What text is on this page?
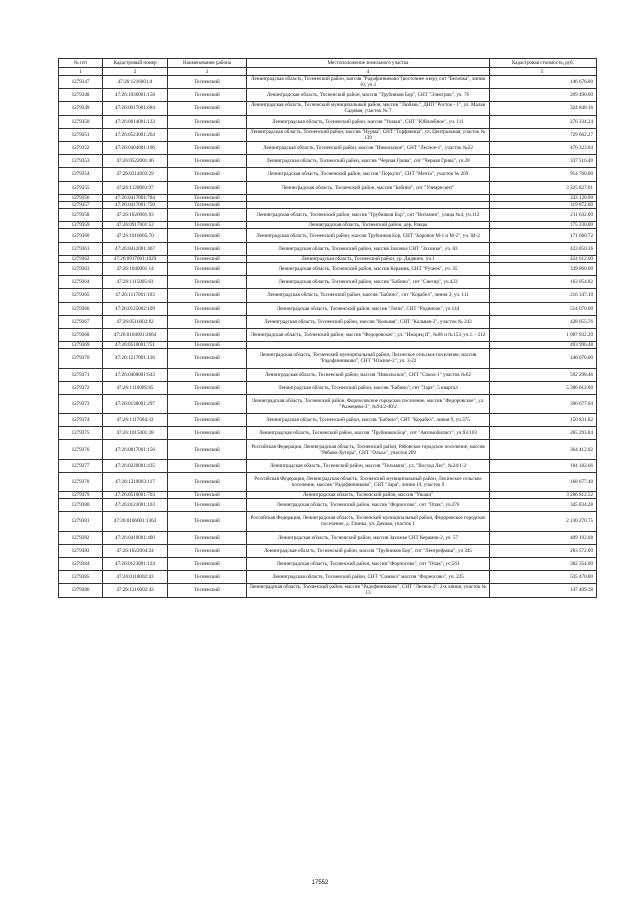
№ п/п	Кадастровый номер	Наименование района	Местоположение земельного участка	Кадастровая стоимость, руб.
1	2	3	4	5
1279347	47:26:1216001:4	Тосненский	Ленинградская область, Тосненский район, массив "Радофинниково"(восточнее озер), снт "Белочка", линия 10, уч.1	146 676.00
1279348	47:26:1036001:158	Тосненский	Ленинградская область, Тосненский район, массив "Трубников Бор", СНТ "Электрик", уч. 76	209 490.00
1279349	47:26:0917001:684	Тосненский	Ленинградская область, Тосненский муниципальный район, массив "Любань", ДНП "Росток - 1", ул. Малая Садовая, участок № 7	324 848.16
1279350	47:26:0614001:133	Тосненский	Ленинградская область, Тосненский район, массив "Ушаки", СНТ "Юбилейное", уч. 111	276 334.24
1279351	47:26:0523001:264	Тосненский	Ленинградская область, Тосненский район, массив "Нурма", СНТ "Торфяница", ул. Центральная, участок № 139	729 662.27
1279352	47:26:0404001:196	Тосненский	Ленинградская область, Тосненский район, массив "Никольское", СНТ "Лесное-1", участок №22	476 323.04
1279353	47:26:0522001:46	Тосненский	Ленинградская область, Тосненский район, массив "Черная Грива", снт "Черная Грива", уч.28	337 516.40
1279354	47:26:0214003:29	Тосненский	Ленинградская область, Тосненский район, массив "Поркузи", СНТ "Мечта", участок № 269	914 760.00
1279355	47:26:1120003:97	Тосненский	Ленинградская область, Тосненский район, массив "Бабино", снт "Улемресинт"	3 325 827.01
1279356	47:26:0417001:784	Тосненский		333 120.00
1279357	47:26:0417001:750	Тосненский		319 872.00
1279358	47:26:1026001:93	Тосненский	Ленинградская область, Тосненский район, массив "Трубников Бор", снт "Витамин", улица №4, уч.112	211 632.00
1279359	47:26:0917001:52	Тосненский	Ленинградская область, Тосненский район, дер. Ракцы	175 230.00
1279360	47:26:1016005:70	Тосненский	Ленинградская область, Тосненский район, массив Трубников Бор, СНТ "Боровое М-1 и М-2", уч. 84-2	171 660.72
1279361	47:26:0412001:467	Тосненский	Ленинградская область, Тосненский район, массив Захожье СНТ "Захожье", уч. 83	433 850.36
1279362	47:26:0917001:1029	Тосненский	Ленинградская область, Тосненский район, ур. Дидвино, уч.1	424 012.00
1279363	47:26:1040001:14	Тосненский	Ленинградская область, Тосненский район, массив Керамик, СНТ "Ручеек", уч. 35	339 860.00
1279364	47:26:1115005:83	Тосненский	Ленинградская область, Тосненский район, массив "Бабино", снт "Снегир", уч.433	163 054.82
1279365	47:26:1117001:103	Тосненский	Ленинградская область, Тосненский район, массив "Бабино", снт "Корабел", линия 3, уч. 111	216 347.10
1279366	47:26:0125002:109	Тосненский	Ленинградская область, Тосненский район, массив "Лопи", СНТ "Родничок", уч.144	514 070.00
1279367	47:26:0516002:82	Тосненский	Ленинградская область, Тосненский район, массив "Кольвая", СНТ "Кальвая-2", участок № 243	428 055.76
1279368	47:26:0104001:2664	Тосненский	Ленинградская область, Тосненский район, массив "Федоровское", ул. "Ижорец II", №86 и №153, уч.1. - 212	1 087 932.20
1279369	47:26:0510001:751	Тосненский		493 996.48
1279370	47:26:1217001:136	Тосненский	Ленинградская область, Тосненский муниципальный район, Лисинское сельское поселение, массив "Радофинниково", СНТ "Южное-2", уч. 3-22	146 676.00
1279371	47:26:0408001:643	Тосненский	Ленинградская область, Тосненский район, массив "Никольское", СНТ "Сокол-1" участок №62	592 298.46
1279372	47:26:1110005:85	Тосненский	Ленинградская область, Тосненский район, массив "Бабино", снт "Заря", 5 квартал	5 386 612.00
1279373	47:26:0138001:297	Тосненский	Ленинградская область, Тосненский район, Форносовское городское поселение, массив "Федоровское", ул. "Рыжецево-3", №94/2-40/2	396 677.64
1279374	47:26:1117004:33	Тосненский	Ленинградская область, Тосненский район, массив "Бабино", СНТ "Корабел", линия 9, уч.375	150 831.82
1279375	47:26:1015001:28	Тосненский	Ленинградская область, Тосненский район, массив "Трубников Бор", снт "Автомобилист", уч.93/103	265 293.84
1279376	47:26:0817001:156	Тосненский	Российская Федерация, Ленинградская область, Тосненский район, Рябовское городское поселение, массив "Рябово-Хутора", СНТ "Ольха", участок 289	364 412.02
1279377	47:26:0220001:435	Тосненский	Ленинградская область, Тосненский район, массив "Тельмана", ул. "Восход Лес", №24/1-2	184 182.66
1279378	47:26:1219003:117	Тосненский	Российская Федерация, Ленинградская область, Тосненский муниципальный район, Лисинское сельское поселение, массив "Радофинниково", СНТ "Заря", линия 19, участок 9	168 677.40
1279379	47:26:0510001:703	Тосненский	Ленинградская область, Тосненский район, массив "Ушаки"	3 286 812.52
1279380	47:26:0123001:103	Тосненский	Ленинградская область, Тосненский район, массив "Форносово", снт "Опак", уч.276	345 834.28
1279381	47:26:0106001:1363	Тосненский	Российская Федерация, Ленинградская область, Тосненский муниципальный район, Федоровское городское поселение, д. Глинка, ул. Дачная, участок 1	2 130 270.75
1279382	47:26:0410001:400	Тосненский	Ленинградская область, Тосненский район, массив Захожье СНТ Керамик-2, уч. 57	409 192.08
1279383	47:26:1022004:24	Тосненский	Ленинградская область, Тосненский район, массив "Трубников Бор", снт "Ленгрефмаш", уч 345	283 572.00
1279384	47:26:0123001:124	Тосненский	Ленинградская область, Тосненский район, массив "Форносово", снт "Опак", уч.563	382 354.00
1279385	47:26:0118002:43	Тосненский	Ленинградская область, Тосненский район, СНТ "Символ" массив "Форносово", уч. 225	535 470.00
1279386	47:26:1216002:43	Тосненский	Ленинградская область, Тосненский район, массив "Радофинниково", СНТ "Лесное-2", 2-я линия, участок № 13	147 409.38
17552
